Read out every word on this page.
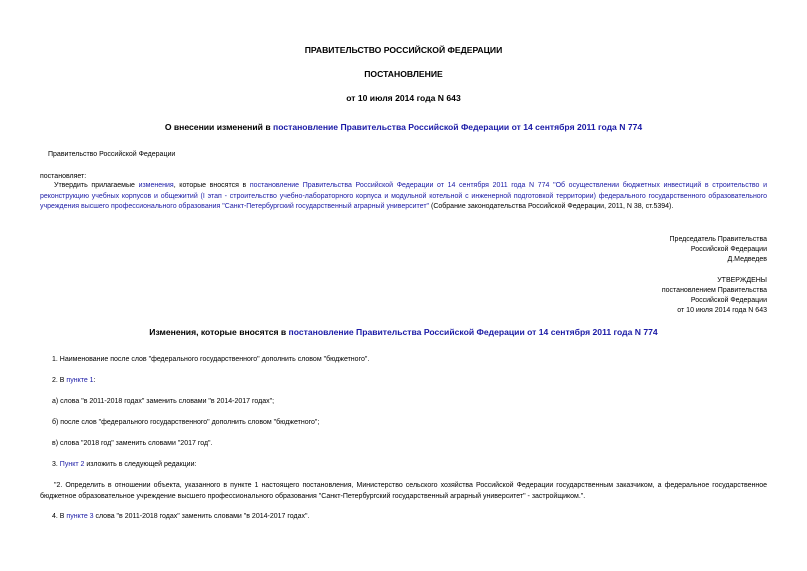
ПРАВИТЕЛЬСТВО РОССИЙСКОЙ ФЕДЕРАЦИИ
ПОСТАНОВЛЕНИЕ
от 10 июля 2014 года N 643
О внесении изменений в постановление Правительства Российской Федерации от 14 сентября 2011 года N 774
Правительство Российской Федерации
постановляет:
Утвердить прилагаемые изменения, которые вносятся в постановление Правительства Российской Федерации от 14 сентября 2011 года N 774 "Об осуществлении бюджетных инвестиций в строительство и реконструкцию учебных корпусов и общежитий (I этап - строительство учебно-лабораторного корпуса и модульной котельной с инженерной подготовкой территории) федерального государственного образовательного учреждения высшего профессионального образования "Санкт-Петербургский государственный аграрный университет" (Собрание законодательства Российской Федерации, 2011, N 38, ст.5394).
Председатель Правительства
Российской Федерации
Д.Медведев
УТВЕРЖДЕНЫ
постановлением Правительства
Российской Федерации
от 10 июля 2014 года N 643
Изменения, которые вносятся в постановление Правительства Российской Федерации от 14 сентября 2011 года N 774
1. Наименование после слов "федерального государственного" дополнить словом "бюджетного".
2. В пункте 1:
а) слова "в 2011-2018 годах" заменить словами "в 2014-2017 годах";
б) после слов "федерального государственного" дополнить словом "бюджетного";
в) слова "2018 год" заменить словами "2017 год".
3. Пункт 2 изложить в следующей редакции:
"2. Определить в отношении объекта, указанного в пункте 1 настоящего постановления, Министерство сельского хозяйства Российской Федерации государственным заказчиком, а федеральное государственное бюджетное образовательное учреждение высшего профессионального образования "Санкт-Петербургский государственный аграрный университет" - застройщиком.".
4. В пункте 3 слова "в 2011-2018 годах" заменить словами "в 2014-2017 годах".
